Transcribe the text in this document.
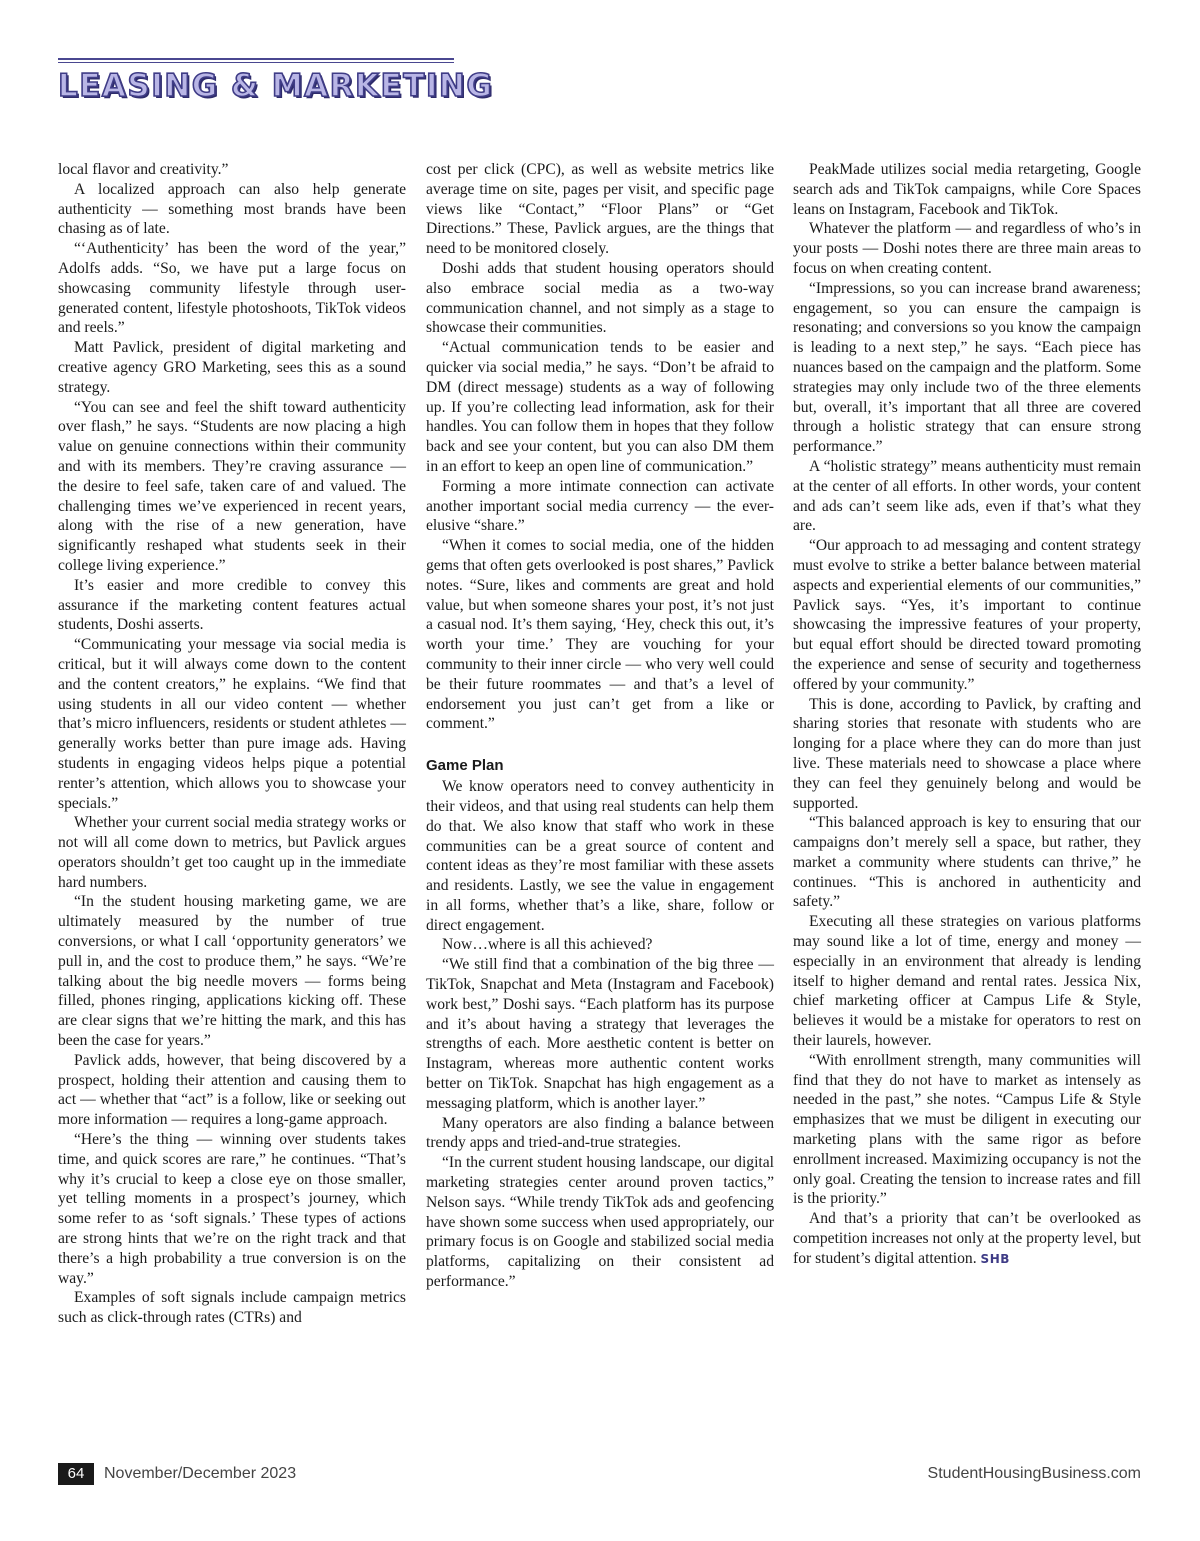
LEASING & MARKETING

local flavor and creativity.”

A localized approach can also help generate authenticity — something most brands have been chasing as of late.

“‘Authenticity’ has been the word of the year,” Adolfs adds. “So, we have put a large focus on showcasing community lifestyle through user-generated content, lifestyle photoshoots, TikTok videos and reels.”

Matt Pavlick, president of digital marketing and creative agency GRO Marketing, sees this as a sound strategy.

“You can see and feel the shift toward authenticity over flash,” he says. “Students are now placing a high value on genuine connections within their community and with its members. They’re craving assurance — the desire to feel safe, taken care of and valued. The challenging times we’ve experienced in recent years, along with the rise of a new generation, have significantly reshaped what students seek in their college living experience.”

It’s easier and more credible to convey this assurance if the marketing content features actual students, Doshi asserts.

“Communicating your message via social media is critical, but it will always come down to the content and the content creators,” he explains. “We find that using students in all our video content — whether that’s micro influencers, residents or student athletes — generally works better than pure image ads. Having students in engaging videos helps pique a potential renter’s attention, which allows you to showcase your specials.”

Whether your current social media strategy works or not will all come down to metrics, but Pavlick argues operators shouldn’t get too caught up in the immediate hard numbers.

“In the student housing marketing game, we are ultimately measured by the number of true conversions, or what I call ‘opportunity generators’ we pull in, and the cost to produce them,” he says. “We’re talking about the big needle movers — forms being filled, phones ringing, applications kicking off. These are clear signs that we’re hitting the mark, and this has been the case for years.”

Pavlick adds, however, that being discovered by a prospect, holding their attention and causing them to act — whether that “act” is a follow, like or seeking out more information — requires a long-game approach.

“Here’s the thing — winning over students takes time, and quick scores are rare,” he continues. “That’s why it’s crucial to keep a close eye on those smaller, yet telling moments in a prospect’s journey, which some refer to as ‘soft signals.’ These types of actions are strong hints that we’re on the right track and that there’s a high probability a true conversion is on the way.”

Examples of soft signals include campaign metrics such as click-through rates (CTRs) and

cost per click (CPC), as well as website metrics like average time on site, pages per visit, and specific page views like “Contact,” “Floor Plans” or “Get Directions.” These, Pavlick argues, are the things that need to be monitored closely.

Doshi adds that student housing operators should also embrace social media as a two-way communication channel, and not simply as a stage to showcase their communities.

“Actual communication tends to be easier and quicker via social media,” he says. “Don’t be afraid to DM (direct message) students as a way of following up. If you’re collecting lead information, ask for their handles. You can follow them in hopes that they follow back and see your content, but you can also DM them in an effort to keep an open line of communication.”

Forming a more intimate connection can activate another important social media currency — the ever-elusive “share.”

“When it comes to social media, one of the hidden gems that often gets overlooked is post shares,” Pavlick notes. “Sure, likes and comments are great and hold value, but when someone shares your post, it’s not just a casual nod. It’s them saying, ‘Hey, check this out, it’s worth your time.’ They are vouching for your community to their inner circle — who very well could be their future roommates — and that’s a level of endorsement you just can’t get from a like or comment.”

Game Plan

We know operators need to convey authenticity in their videos, and that using real students can help them do that. We also know that staff who work in these communities can be a great source of content and content ideas as they’re most familiar with these assets and residents. Lastly, we see the value in engagement in all forms, whether that’s a like, share, follow or direct engagement.

Now…where is all this achieved?

“We still find that a combination of the big three — TikTok, Snapchat and Meta (Instagram and Facebook) work best,” Doshi says. “Each platform has its purpose and it’s about having a strategy that leverages the strengths of each. More aesthetic content is better on Instagram, whereas more authentic content works better on TikTok. Snapchat has high engagement as a messaging platform, which is another layer.”

Many operators are also finding a balance between trendy apps and tried-and-true strategies.

“In the current student housing landscape, our digital marketing strategies center around proven tactics,” Nelson says. “While trendy TikTok ads and geofencing have shown some success when used appropriately, our primary focus is on Google and stabilized social media platforms, capitalizing on their consistent ad performance.”

PeakMade utilizes social media retargeting, Google search ads and TikTok campaigns, while Core Spaces leans on Instagram, Facebook and TikTok.

Whatever the platform — and regardless of who’s in your posts — Doshi notes there are three main areas to focus on when creating content.

“Impressions, so you can increase brand awareness; engagement, so you can ensure the campaign is resonating; and conversions so you know the campaign is leading to a next step,” he says. “Each piece has nuances based on the campaign and the platform. Some strategies may only include two of the three elements but, overall, it’s important that all three are covered through a holistic strategy that can ensure strong performance.”

A “holistic strategy” means authenticity must remain at the center of all efforts. In other words, your content and ads can’t seem like ads, even if that’s what they are.

“Our approach to ad messaging and content strategy must evolve to strike a better balance between material aspects and experiential elements of our communities,” Pavlick says. “Yes, it’s important to continue showcasing the impressive features of your property, but equal effort should be directed toward promoting the experience and sense of security and togetherness offered by your community.”

This is done, according to Pavlick, by crafting and sharing stories that resonate with students who are longing for a place where they can do more than just live. These materials need to showcase a place where they can feel they genuinely belong and would be supported.

“This balanced approach is key to ensuring that our campaigns don’t merely sell a space, but rather, they market a community where students can thrive,” he continues. “This is anchored in authenticity and safety.”

Executing all these strategies on various platforms may sound like a lot of time, energy and money — especially in an environment that already is lending itself to higher demand and rental rates. Jessica Nix, chief marketing officer at Campus Life & Style, believes it would be a mistake for operators to rest on their laurels, however.

“With enrollment strength, many communities will find that they do not have to market as intensely as needed in the past,” she notes. “Campus Life & Style emphasizes that we must be diligent in executing our marketing plans with the same rigor as before enrollment increased. Maximizing occupancy is not the only goal. Creating the tension to increase rates and fill is the priority.”

And that’s a priority that can’t be overlooked as competition increases not only at the property level, but for student’s digital attention. SHB

64	November/December 2023	StudentHousingBusiness.com
